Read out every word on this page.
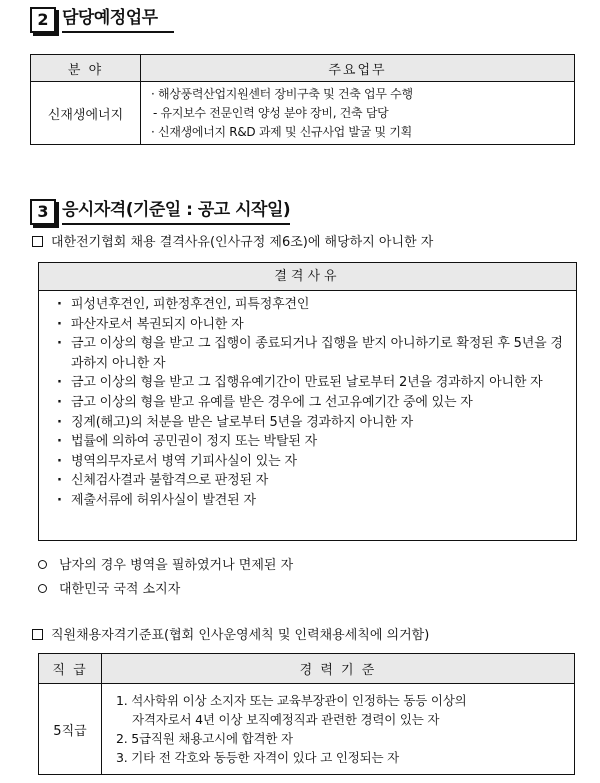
2 담당예정업무
분 야	주요업무
신재생에너지	· 해상풍력산업지원센터 장비구축 및 건축 업무 수행
- 유지보수 전문인력 양성 분야 장비, 건축 담당
· 신재생에너지 R&D 과제 및 신규사업 발굴 및 기획
3 응시자격(기준일 : 공고 시작일)
대한전기협회 채용 결격사유(인사규정 제6조)에 해당하지 아니한 자
결격사유
· 피성년후견인, 피한정후견인, 피특정후견인
· 파산자로서 복권되지 아니한 자
· 금고 이상의 형을 받고 그 집행이 종료되거나 집행을 받지 아니하기로 확정된 후 5년을 경과하지 아니한 자
· 금고 이상의 형을 받고 그 집행유예기간이 만료된 날로부터 2년을 경과하지 아니한 자
· 금고 이상의 형을 받고 유예를 받은 경우에 그 선고유예기간 중에 있는 자
· 징계(해고)의 처분을 받은 날로부터 5년을 경과하지 아니한 자
· 법률에 의하여 공민권이 정지 또는 박탈된 자
· 병역의무자로서 병역 기피사실이 있는 자
· 신체검사결과 불합격으로 판정된 자
· 제출서류에 허위사실이 발견된 자
남자의 경우 병역을 필하였거나 면제된 자
대한민국 국적 소지자
직원채용자격기준표(협회 인사운영세칙 및 인력채용세칙에 의거함)
직 급	경 력 기 준
5직급	1. 석사학위 이상 소지자 또는 교육부장관이 인정하는 동등 이상의
자격자로서 4년 이상 보직예정직과 관련한 경력이 있는 자
2. 5급직원 채용고시에 합격한 자
3. 기타 전 각호와 동등한 자격이 있다 고 인정되는 자
